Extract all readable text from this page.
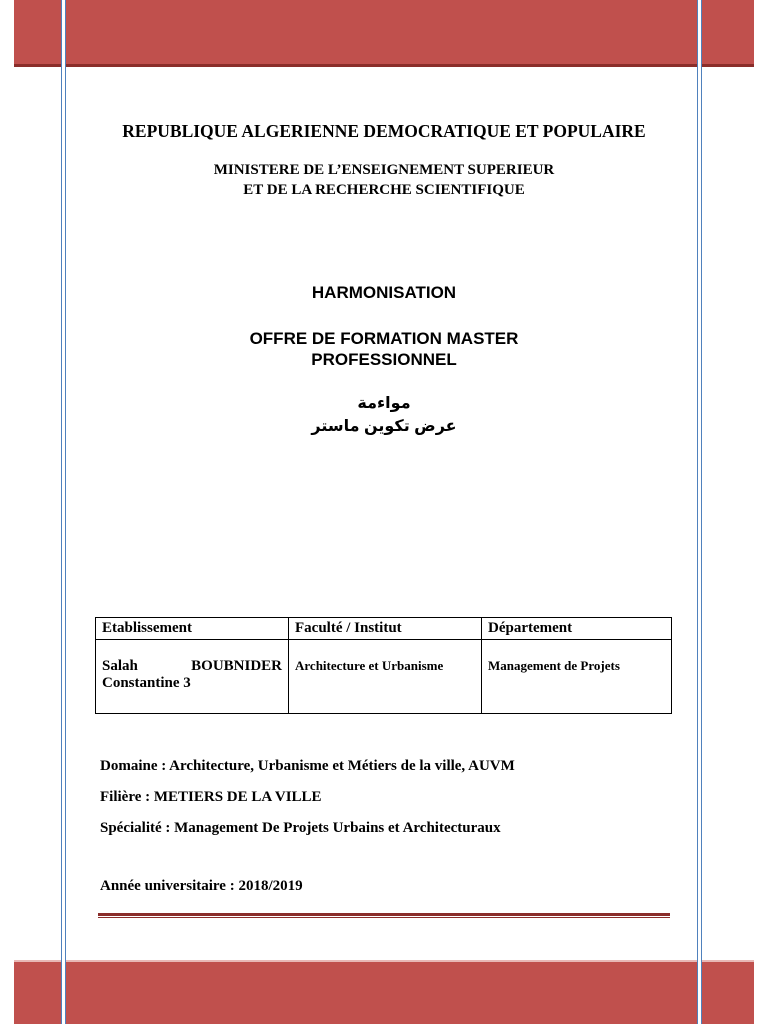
REPUBLIQUE ALGERIENNE DEMOCRATIQUE ET POPULAIRE
MINISTERE DE L’ENSEIGNEMENT SUPERIEUR
ET DE LA RECHERCHE SCIENTIFIQUE
HARMONISATION
OFFRE DE FORMATION MASTER
PROFESSIONNEL
مواءمة
عرض تكوين ماستر
Etablissement	Faculté / Institut	Département

Salah BOUBNIDER
Constantine 3	Architecture et Urbanisme	Management de Projets
Domaine : Architecture, Urbanisme et Métiers de la ville, AUVM
Filière : METIERS DE LA VILLE
Spécialité : Management De Projets Urbains et Architecturaux
Année universitaire : 2018/2019
